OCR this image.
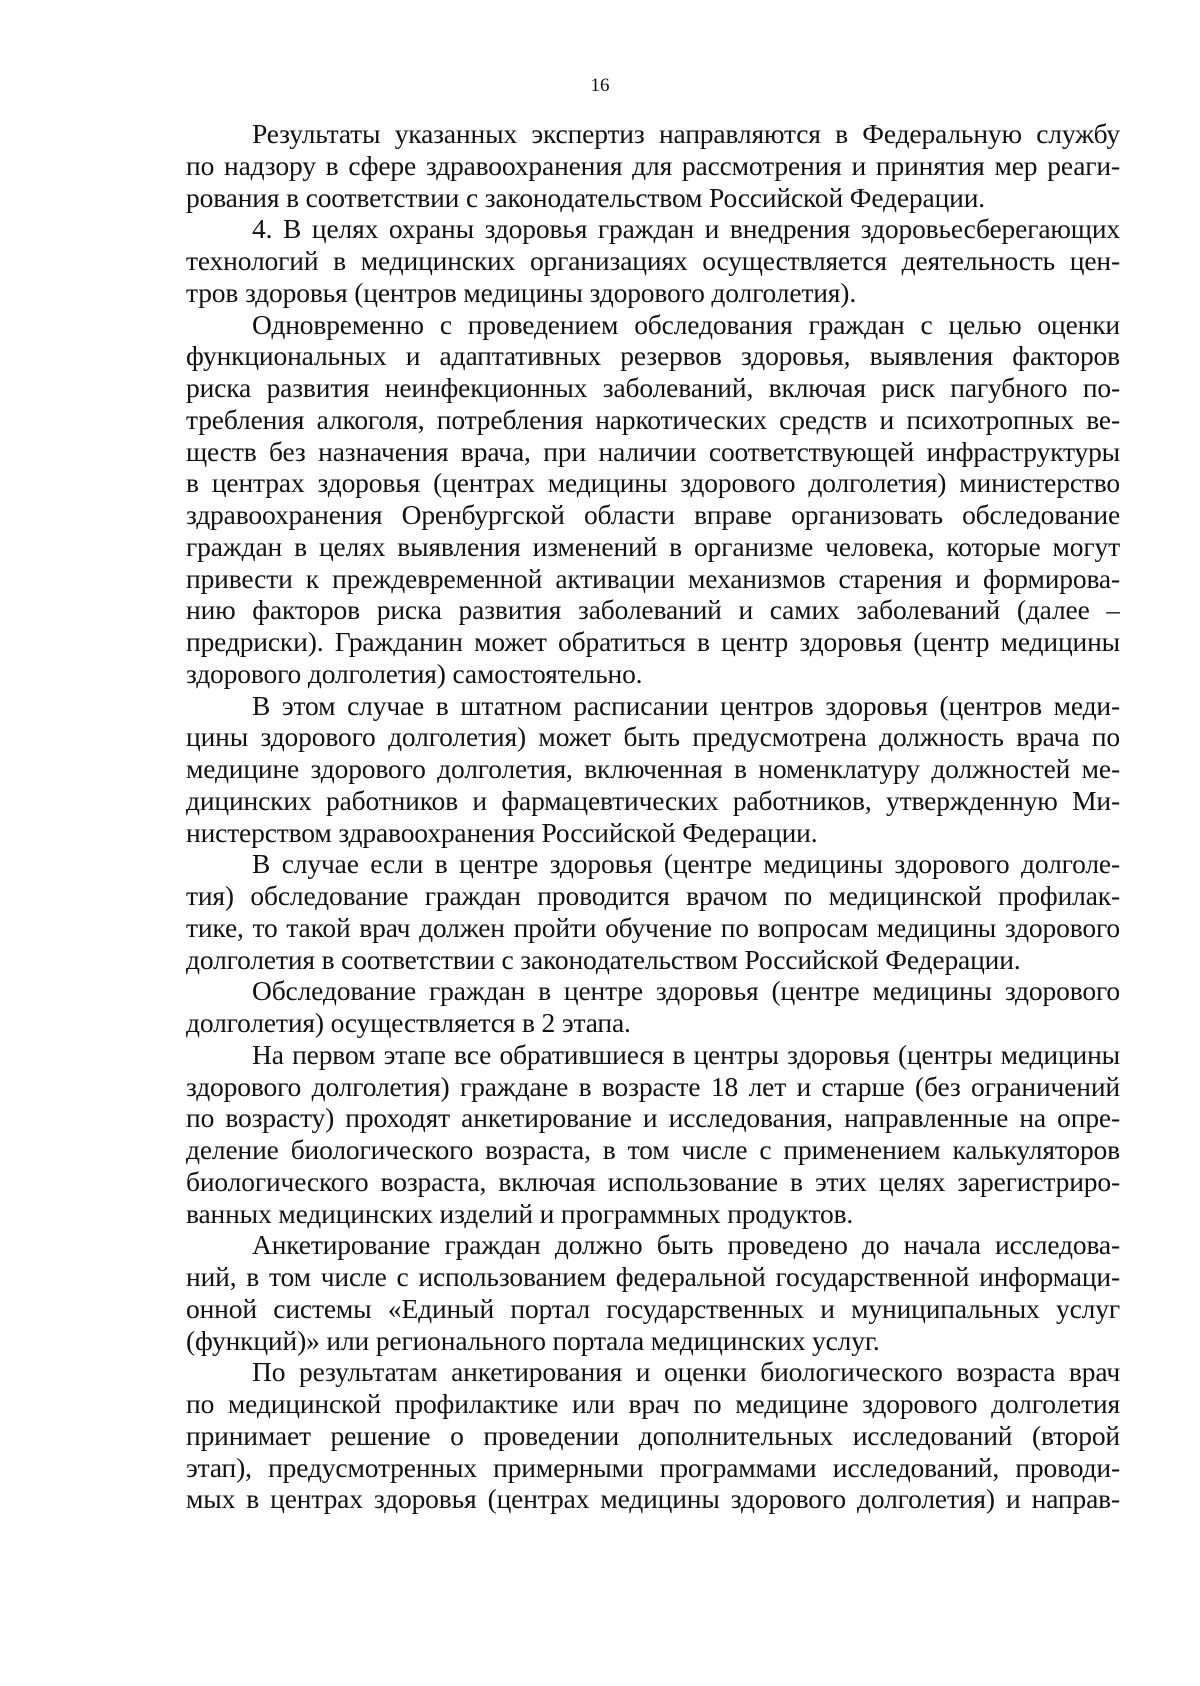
16
Результаты указанных экспертиз направляются в Федеральную службу
по надзору в сфере здравоохранения для рассмотрения и принятия мер реаги-
рования в соответствии с законодательством Российской Федерации.
4. В целях охраны здоровья граждан и внедрения здоровьесберегающих
технологий в медицинских организациях осуществляется деятельность цен-
тров здоровья (центров медицины здорового долголетия).
Одновременно с проведением обследования граждан с целью оценки
функциональных и адаптативных резервов здоровья, выявления факторов
риска развития неинфекционных заболеваний, включая риск пагубного по-
требления алкоголя, потребления наркотических средств и психотропных ве-
ществ без назначения врача, при наличии соответствующей инфраструктуры
в центрах здоровья (центрах медицины здорового долголетия) министерство
здравоохранения Оренбургской области вправе организовать обследование
граждан в целях выявления изменений в организме человека, которые могут
привести к преждевременной активации механизмов старения и формирова-
нию факторов риска развития заболеваний и самих заболеваний (далее –
предриски). Гражданин может обратиться в центр здоровья (центр медицины
здорового долголетия) самостоятельно.
В этом случае в штатном расписании центров здоровья (центров меди-
цины здорового долголетия) может быть предусмотрена должность врача по
медицине здорового долголетия, включенная в номенклатуру должностей ме-
дицинских работников и фармацевтических работников, утвержденную Ми-
нистерством здравоохранения Российской Федерации.
В случае если в центре здоровья (центре медицины здорового долголе-
тия) обследование граждан проводится врачом по медицинской профилак-
тике, то такой врач должен пройти обучение по вопросам медицины здорового
долголетия в соответствии с законодательством Российской Федерации.
Обследование граждан в центре здоровья (центре медицины здорового
долголетия) осуществляется в 2 этапа.
На первом этапе все обратившиеся в центры здоровья (центры медицины
здорового долголетия) граждане в возрасте 18 лет и старше (без ограничений
по возрасту) проходят анкетирование и исследования, направленные на опре-
деление биологического возраста, в том числе с применением калькуляторов
биологического возраста, включая использование в этих целях зарегистриро-
ванных медицинских изделий и программных продуктов.
Анкетирование граждан должно быть проведено до начала исследова-
ний, в том числе с использованием федеральной государственной информаци-
онной системы «Единый портал государственных и муниципальных услуг
(функций)» или регионального портала медицинских услуг.
По результатам анкетирования и оценки биологического возраста врач
по медицинской профилактике или врач по медицине здорового долголетия
принимает решение о проведении дополнительных исследований (второй
этап), предусмотренных примерными программами исследований, проводи-
мых в центрах здоровья (центрах медицины здорового долголетия) и направ-
